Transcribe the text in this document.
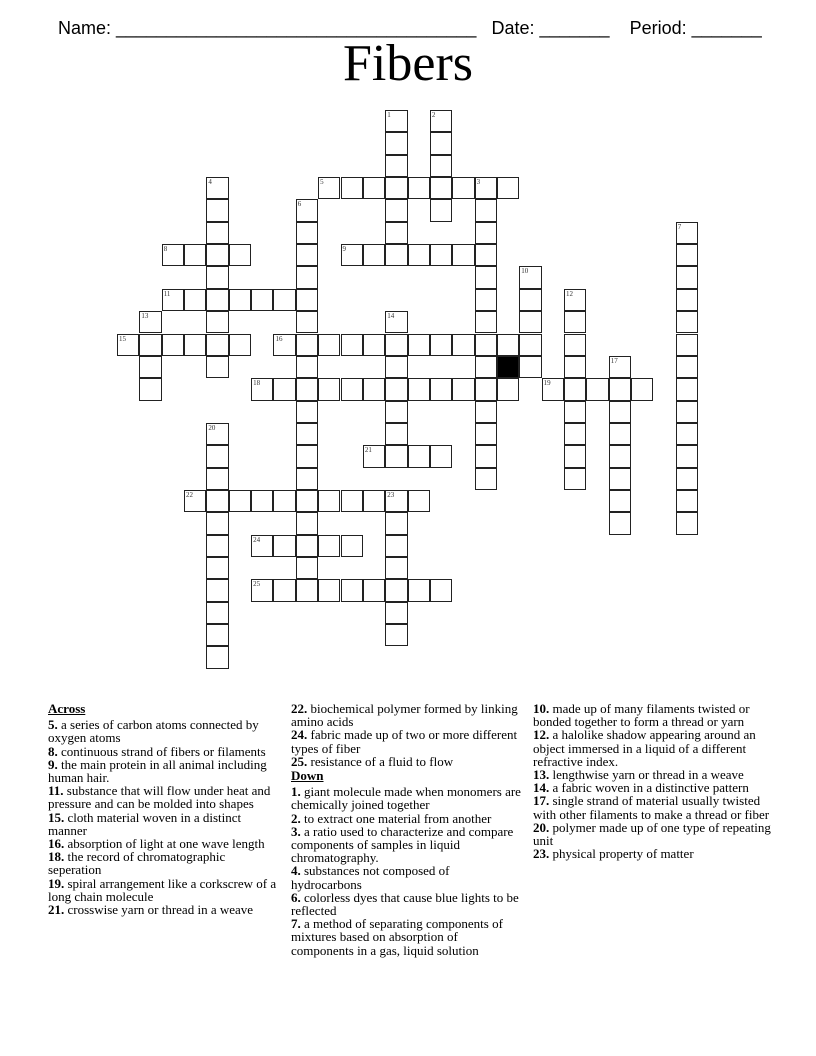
Name: ____________________________________ Date: _______ Period: _______

Fibers
1	2
3
4	5
6
7
8	9
10
11	12
13	14
15	16
17
18	19
20
21
22	23
24
25
Across
5. a series of carbon atoms connected by oxygen atoms
8. continuous strand of fibers or filaments
9. the main protein in all animal including human hair.
11. substance that will flow under heat and pressure and can be molded into shapes
15. cloth material woven in a distinct manner
16. absorption of light at one wave length
18. the record of chromatographic seperation
19. spiral arrangement like a corkscrew of a long chain molecule
21. crosswise yarn or thread in a weave
22. biochemical polymer formed by linking amino acids
24. fabric made up of two or more different types of fiber
25. resistance of a fluid to flow
Down
1. giant molecule made when monomers are chemically joined together
2. to extract one material from another
3. a ratio used to characterize and compare components of samples in liquid chromatography.
4. substances not composed of hydrocarbons
6. colorless dyes that cause blue lights to be reflected
7. a method of separating components of mixtures based on absorption of components in a gas, liquid solution
10. made up of many filaments twisted or bonded together to form a thread or yarn
12. a halolike shadow appearing around an object immersed in a liquid of a different refractive index.
13. lengthwise yarn or thread in a weave
14. a fabric woven in a distinctive pattern
17. single strand of material usually twisted with other filaments to make a thread or fiber
20. polymer made up of one type of repeating unit
23. physical property of matter
